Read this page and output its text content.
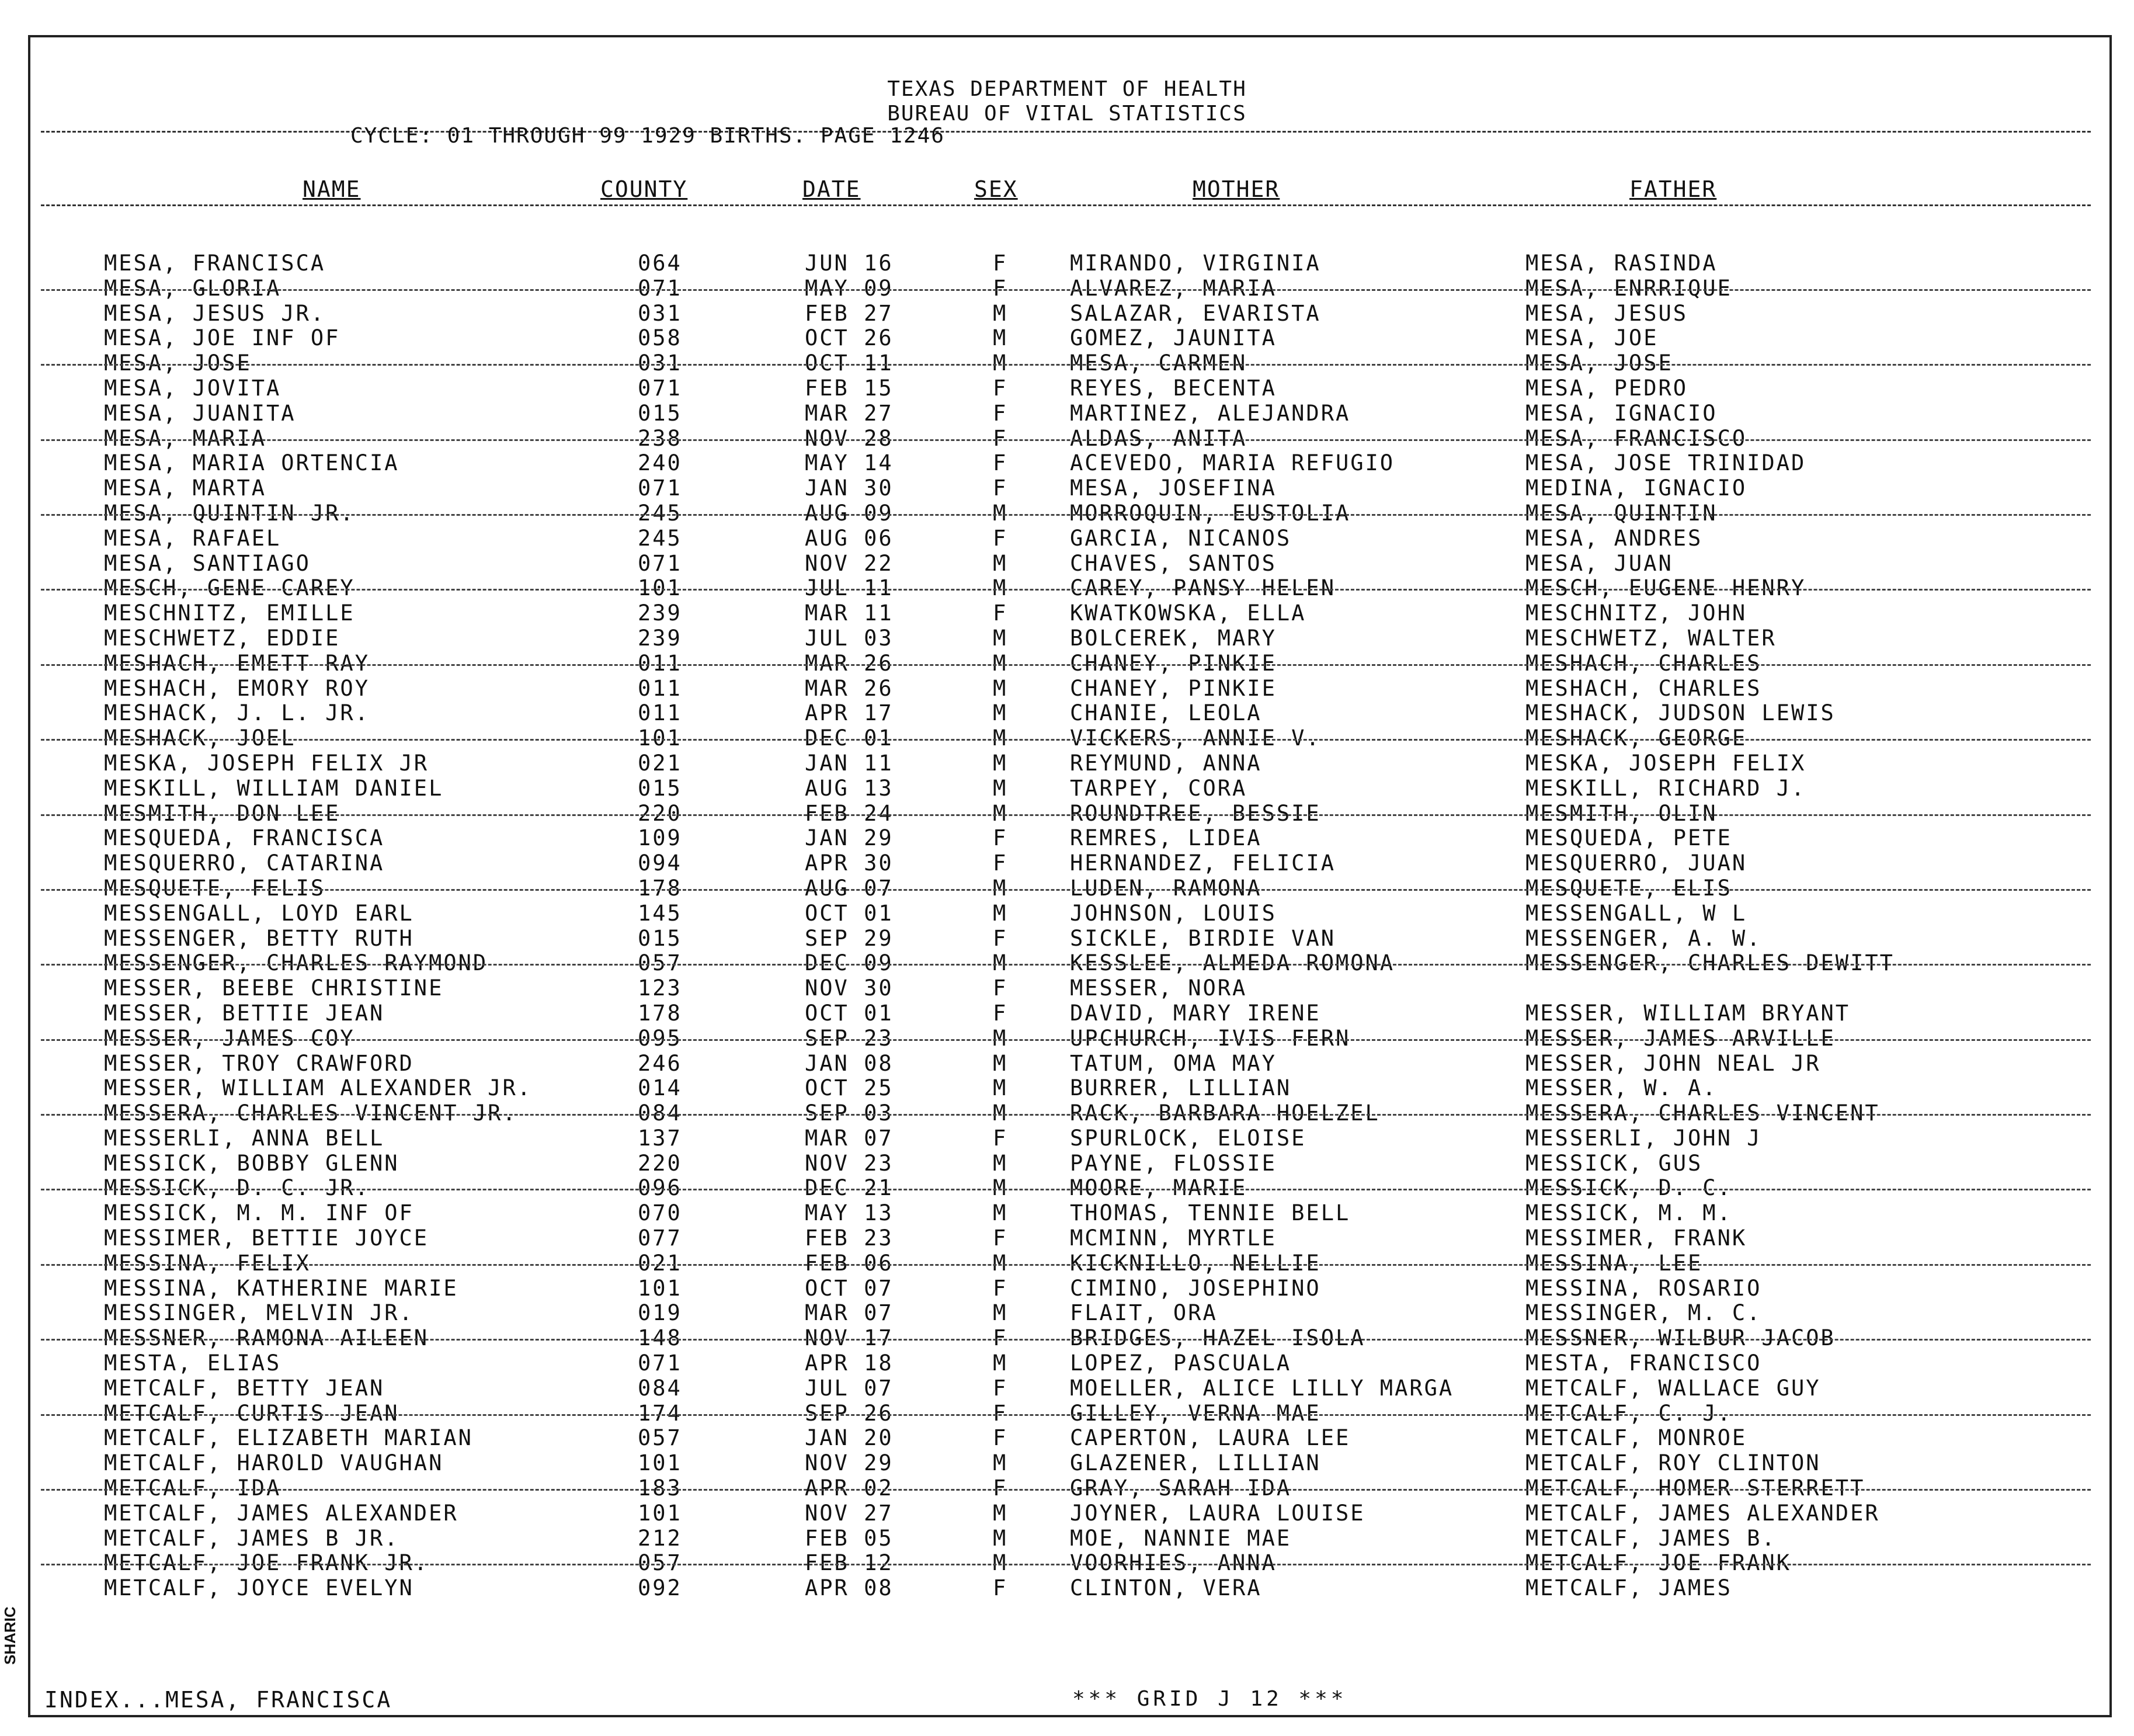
TEXAS DEPARTMENT OF HEALTH
BUREAU OF VITAL STATISTICS
CYCLE: 01 THROUGH 99 1929 BIRTHS. PAGE 1246
NAME	COUNTY	DATE	SEX	MOTHER	FATHER
MESA, FRANCISCA	064	JUN 16	F	MIRANDO, VIRGINIA	MESA, RASINDA
MESA, GLORIA	071	MAY 09	F	ALVAREZ, MARIA	MESA, ENRRIQUE
MESA, JESUS JR.	031	FEB 27	M	SALAZAR, EVARISTA	MESA, JESUS
MESA, JOE INF OF	058	OCT 26	M	GOMEZ, JAUNITA	MESA, JOE
MESA, JOSE	031	OCT 11	M	MESA, CARMEN	MESA, JOSE
MESA, JOVITA	071	FEB 15	F	REYES, BECENTA	MESA, PEDRO
MESA, JUANITA	015	MAR 27	F	MARTINEZ, ALEJANDRA	MESA, IGNACIO
MESA, MARIA	238	NOV 28	F	ALDAS, ANITA	MESA, FRANCISCO
MESA, MARIA ORTENCIA	240	MAY 14	F	ACEVEDO, MARIA REFUGIO	MESA, JOSE TRINIDAD
MESA, MARTA	071	JAN 30	F	MESA, JOSEFINA	MEDINA, IGNACIO
MESA, QUINTIN JR.	245	AUG 09	M	MORROQUIN, EUSTOLIA	MESA, QUINTIN
MESA, RAFAEL	245	AUG 06	F	GARCIA, NICANOS	MESA, ANDRES
MESA, SANTIAGO	071	NOV 22	M	CHAVES, SANTOS	MESA, JUAN
MESCH, GENE CAREY	101	JUL 11	M	CAREY, PANSY HELEN	MESCH, EUGENE HENRY
MESCHNITZ, EMILLE	239	MAR 11	F	KWATKOWSKA, ELLA	MESCHNITZ, JOHN
MESCHWETZ, EDDIE	239	JUL 03	M	BOLCEREK, MARY	MESCHWETZ, WALTER
MESHACH, EMETT RAY	011	MAR 26	M	CHANEY, PINKIE	MESHACH, CHARLES
MESHACH, EMORY ROY	011	MAR 26	M	CHANEY, PINKIE	MESHACH, CHARLES
MESHACK, J. L. JR.	011	APR 17	M	CHANIE, LEOLA	MESHACK, JUDSON LEWIS
MESHACK, JOEL	101	DEC 01	M	VICKERS, ANNIE V.	MESHACK, GEORGE
MESKA, JOSEPH FELIX JR	021	JAN 11	M	REYMUND, ANNA	MESKA, JOSEPH FELIX
MESKILL, WILLIAM DANIEL	015	AUG 13	M	TARPEY, CORA	MESKILL, RICHARD J.
MESMITH, DON LEE	220	FEB 24	M	ROUNDTREE, BESSIE	MESMITH, OLIN
MESQUEDA, FRANCISCA	109	JAN 29	F	REMRES, LIDEA	MESQUEDA, PETE
MESQUERRO, CATARINA	094	APR 30	F	HERNANDEZ, FELICIA	MESQUERRO, JUAN
MESQUETE, FELIS	178	AUG 07	M	LUDEN, RAMONA	MESQUETE, ELIS
MESSENGALL, LOYD EARL	145	OCT 01	M	JOHNSON, LOUIS	MESSENGALL, W L
MESSENGER, BETTY RUTH	015	SEP 29	F	SICKLE, BIRDIE VAN	MESSENGER, A. W.
MESSENGER, CHARLES RAYMOND	057	DEC 09	M	KESSLEE, ALMEDA ROMONA	MESSENGER, CHARLES DEWITT
MESSER, BEEBE CHRISTINE	123	NOV 30	F	MESSER, NORA
MESSER, BETTIE JEAN	178	OCT 01	F	DAVID, MARY IRENE	MESSER, WILLIAM BRYANT
MESSER, JAMES COY	095	SEP 23	M	UPCHURCH, IVIS FERN	MESSER, JAMES ARVILLE
MESSER, TROY CRAWFORD	246	JAN 08	M	TATUM, OMA MAY	MESSER, JOHN NEAL JR
MESSER, WILLIAM ALEXANDER JR.	014	OCT 25	M	BURRER, LILLIAN	MESSER, W. A.
MESSERA, CHARLES VINCENT JR.	084	SEP 03	M	RACK, BARBARA HOELZEL	MESSERA, CHARLES VINCENT
MESSERLI, ANNA BELL	137	MAR 07	F	SPURLOCK, ELOISE	MESSERLI, JOHN J
MESSICK, BOBBY GLENN	220	NOV 23	M	PAYNE, FLOSSIE	MESSICK, GUS
MESSICK, D. C. JR.	096	DEC 21	M	MOORE, MARIE	MESSICK, D. C.
MESSICK, M. M. INF OF	070	MAY 13	M	THOMAS, TENNIE BELL	MESSICK, M. M.
MESSIMER, BETTIE JOYCE	077	FEB 23	F	MCMINN, MYRTLE	MESSIMER, FRANK
MESSINA, FELIX	021	FEB 06	M	KICKNILLO, NELLIE	MESSINA, LEE
MESSINA, KATHERINE MARIE	101	OCT 07	F	CIMINO, JOSEPHINO	MESSINA, ROSARIO
MESSINGER, MELVIN JR.	019	MAR 07	M	FLAIT, ORA	MESSINGER, M. C.
MESSNER, RAMONA AILEEN	148	NOV 17	F	BRIDGES, HAZEL ISOLA	MESSNER, WILBUR JACOB
MESTA, ELIAS	071	APR 18	M	LOPEZ, PASCUALA	MESTA, FRANCISCO
METCALF, BETTY JEAN	084	JUL 07	F	MOELLER, ALICE LILLY MARGA	METCALF, WALLACE GUY
METCALF, CURTIS JEAN	174	SEP 26	F	GILLEY, VERNA MAE	METCALF, C. J.
METCALF, ELIZABETH MARIAN	057	JAN 20	F	CAPERTON, LAURA LEE	METCALF, MONROE
METCALF, HAROLD VAUGHAN	101	NOV 29	M	GLAZENER, LILLIAN	METCALF, ROY CLINTON
METCALF, IDA	183	APR 02	F	GRAY, SARAH IDA	METCALF, HOMER STERRETT
METCALF, JAMES ALEXANDER	101	NOV 27	M	JOYNER, LAURA LOUISE	METCALF, JAMES ALEXANDER
METCALF, JAMES B JR.	212	FEB 05	M	MOE, NANNIE MAE	METCALF, JAMES B.
METCALF, JOE FRANK JR.	057	FEB 12	M	VOORHIES, ANNA	METCALF, JOE FRANK
METCALF, JOYCE EVELYN	092	APR 08	F	CLINTON, VERA	METCALF, JAMES
INDEX...MESA, FRANCISCA	*** GRID J 12 ***
SHARIC
